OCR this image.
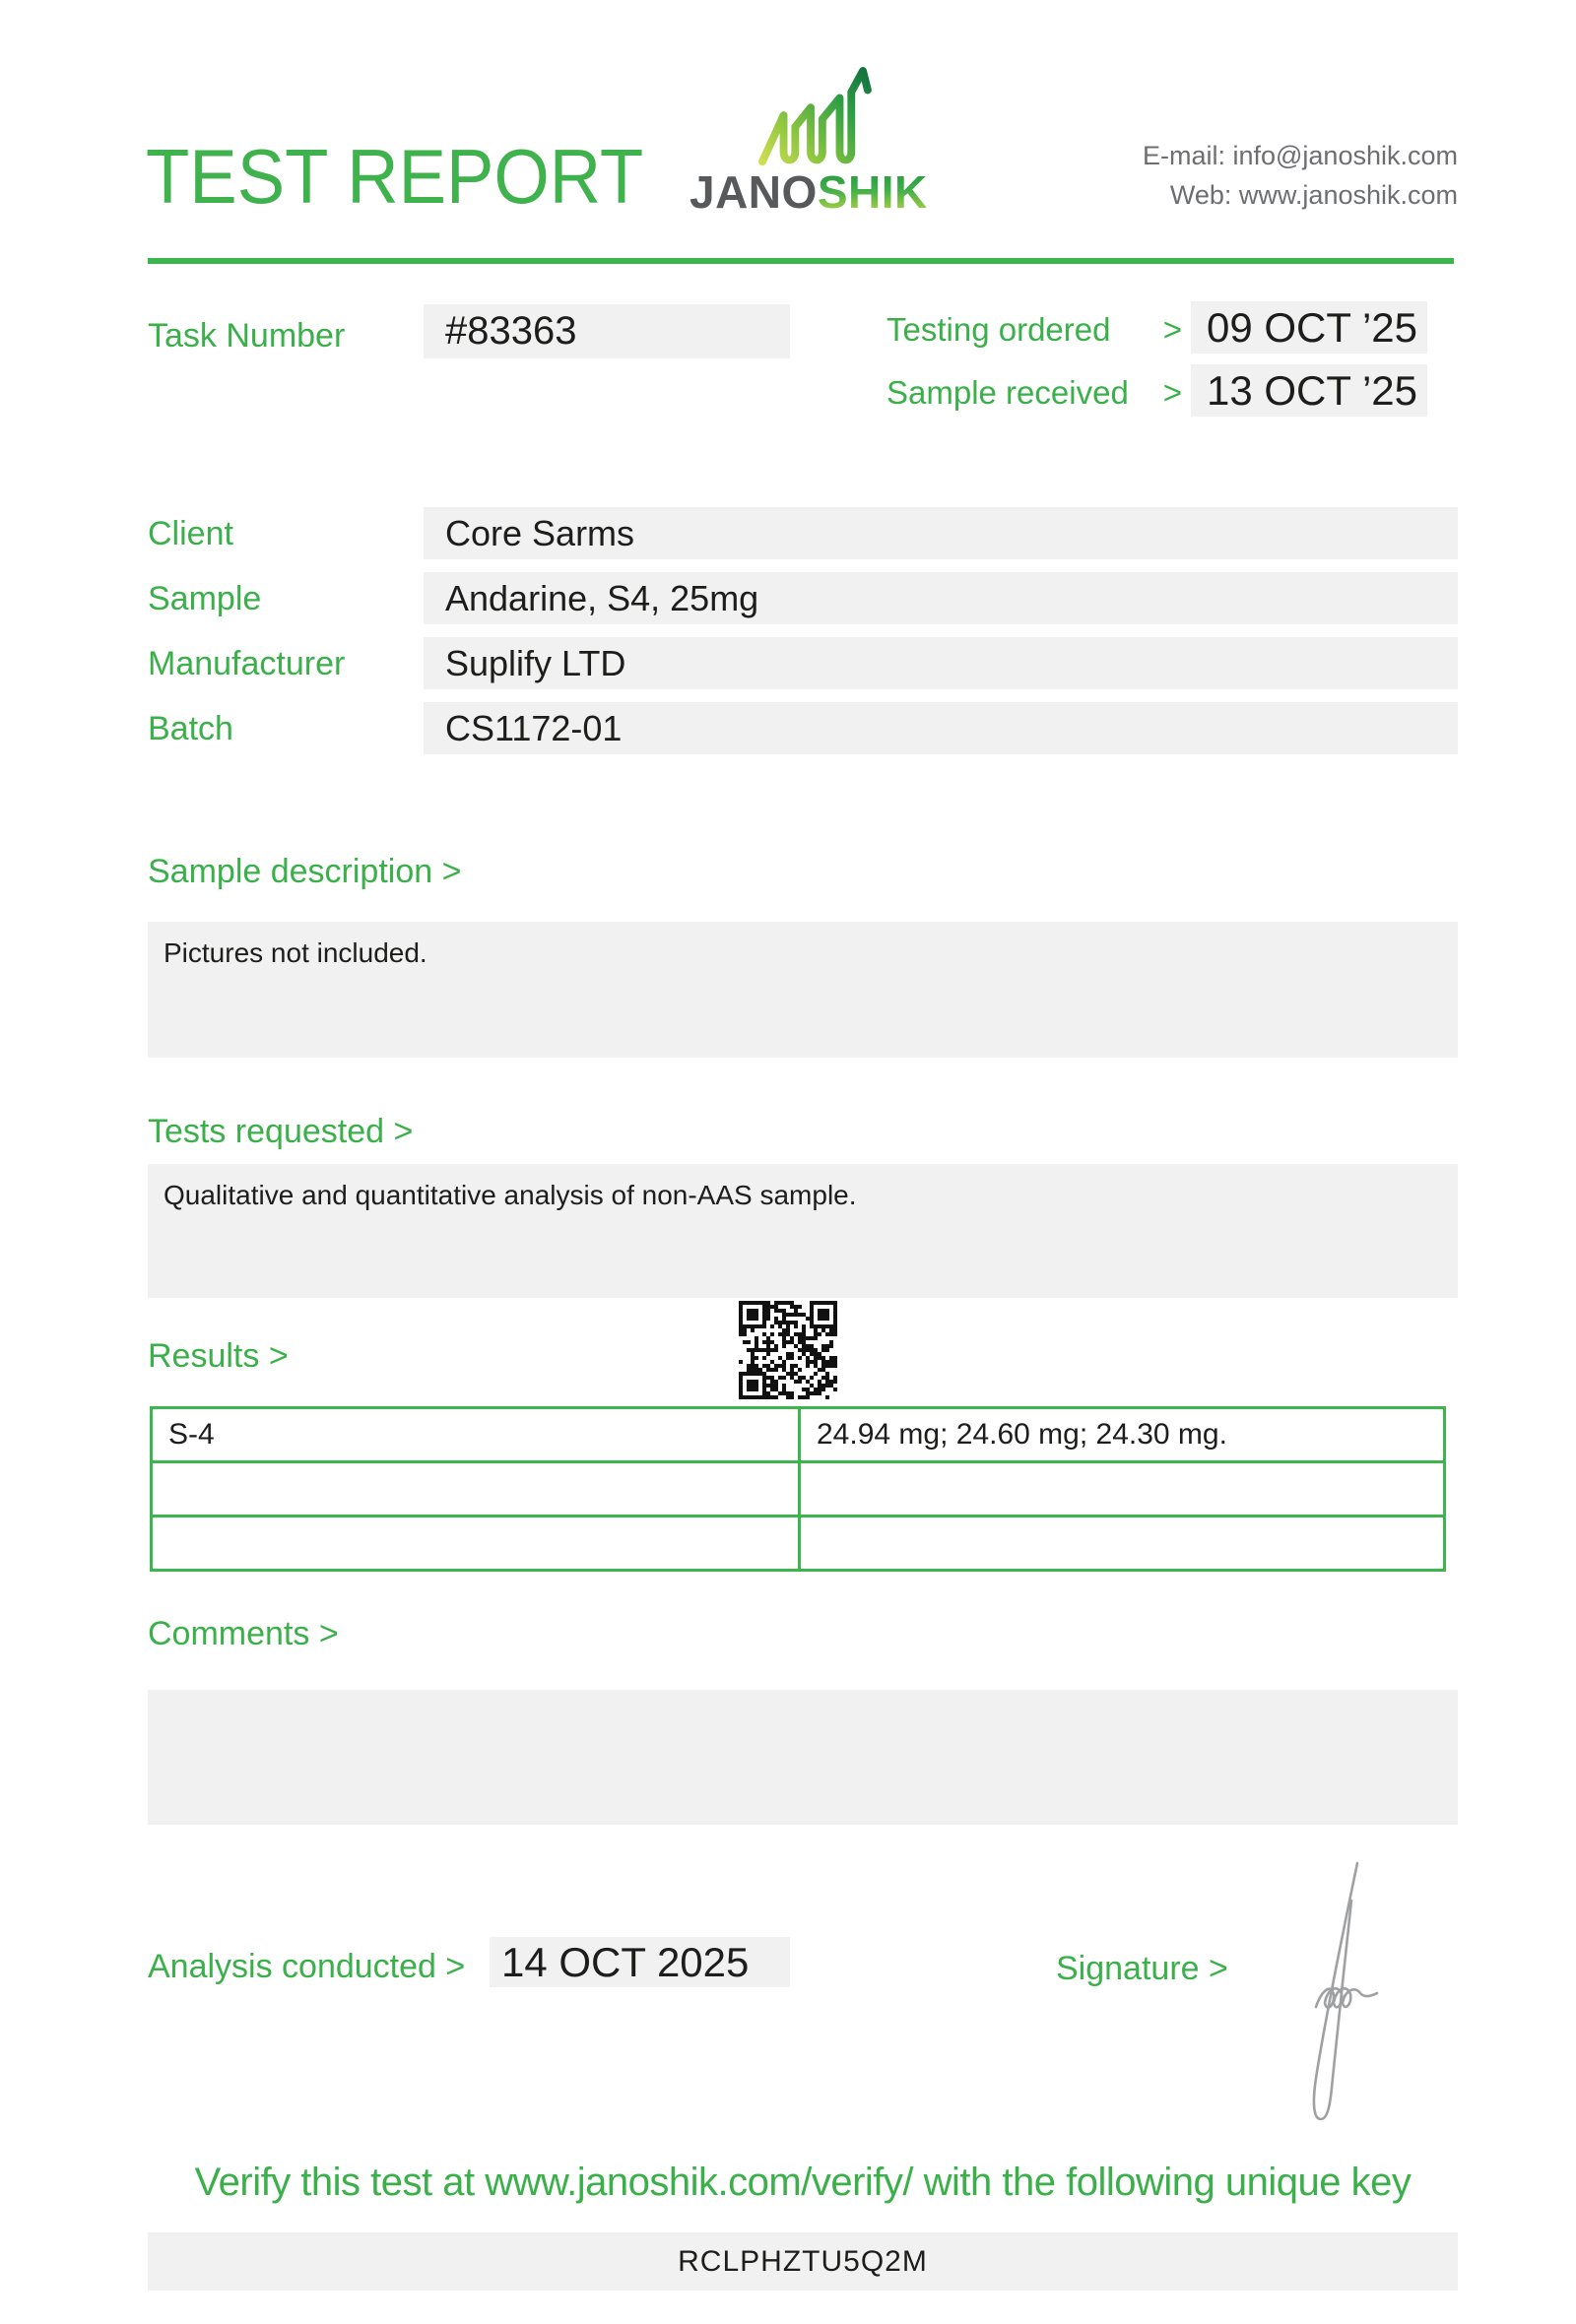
TEST REPORT JANOSHIK
E-mail: info@janoshik.com
Web: www.janoshik.com
Task Number	#83363	Testing ordered > 09 OCT ’25
Sample received > 13 OCT ’25
Client	Core Sarms
Sample	Andarine, S4, 25mg
Manufacturer	Suplify LTD
Batch	CS1172-01
Sample description >
Pictures not included.
Tests requested >
Qualitative and quantitative analysis of non-AAS sample.
Results >
S-4	24.94 mg; 24.60 mg; 24.30 mg.

Comments >
Analysis conducted > 14 OCT 2025	Signature >
Verify this test at www.janoshik.com/verify/ with the following unique key
RCLPHZTU5Q2M
